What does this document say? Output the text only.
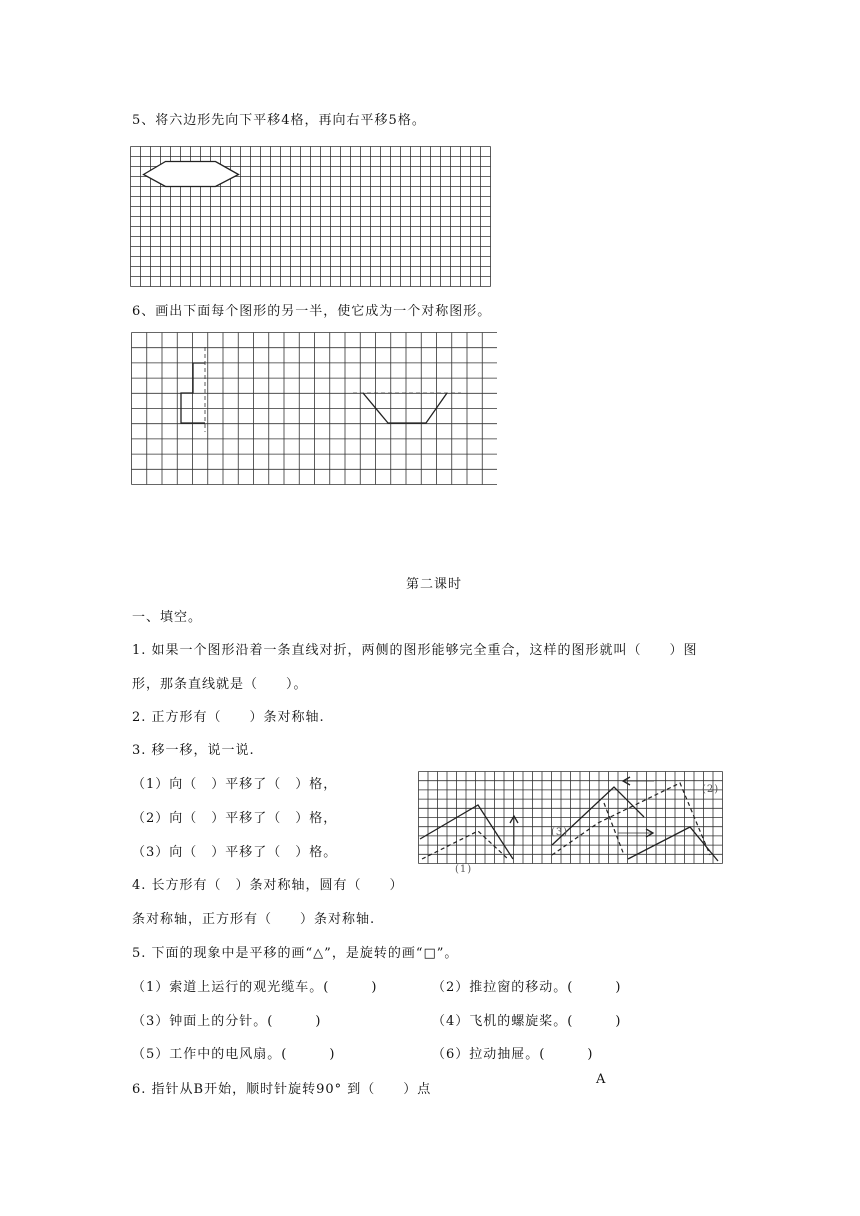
5、将六边形先向下平移4格，再向右平移5格。
6、画出下面每个图形的另一半，使它成为一个对称图形。
第二课时
一、填空。
1. 如果一个图形沿着一条直线对折，两侧的图形能够完全重合，这样的图形就叫（　　）图
形，那条直线就是（　　）。
2. 正方形有（　　）条对称轴.
3. 移一移，说一说.
（1）向（　）平移了（　）格，
（2）向（　）平移了（　）格，
（3）向（　）平移了（　）格。
(1)
(2)
(3)
4. 长方形有（　）条对称轴，圆有（　　）
条对称轴，正方形有（　　）条对称轴.
5. 下面的现象中是平移的画“△”，是旋转的画“□”。
（1）索道上运行的观光缆车。(　　　)	（2）推拉窗的移动。(　　　)
（3）钟面上的分针。(　　　)	（4）飞机的螺旋桨。(　　　)
（5）工作中的电风扇。(　　　)	（6）拉动抽屉。(　　　)
A
6. 指针从B开始，顺时针旋转90° 到（　　）点
